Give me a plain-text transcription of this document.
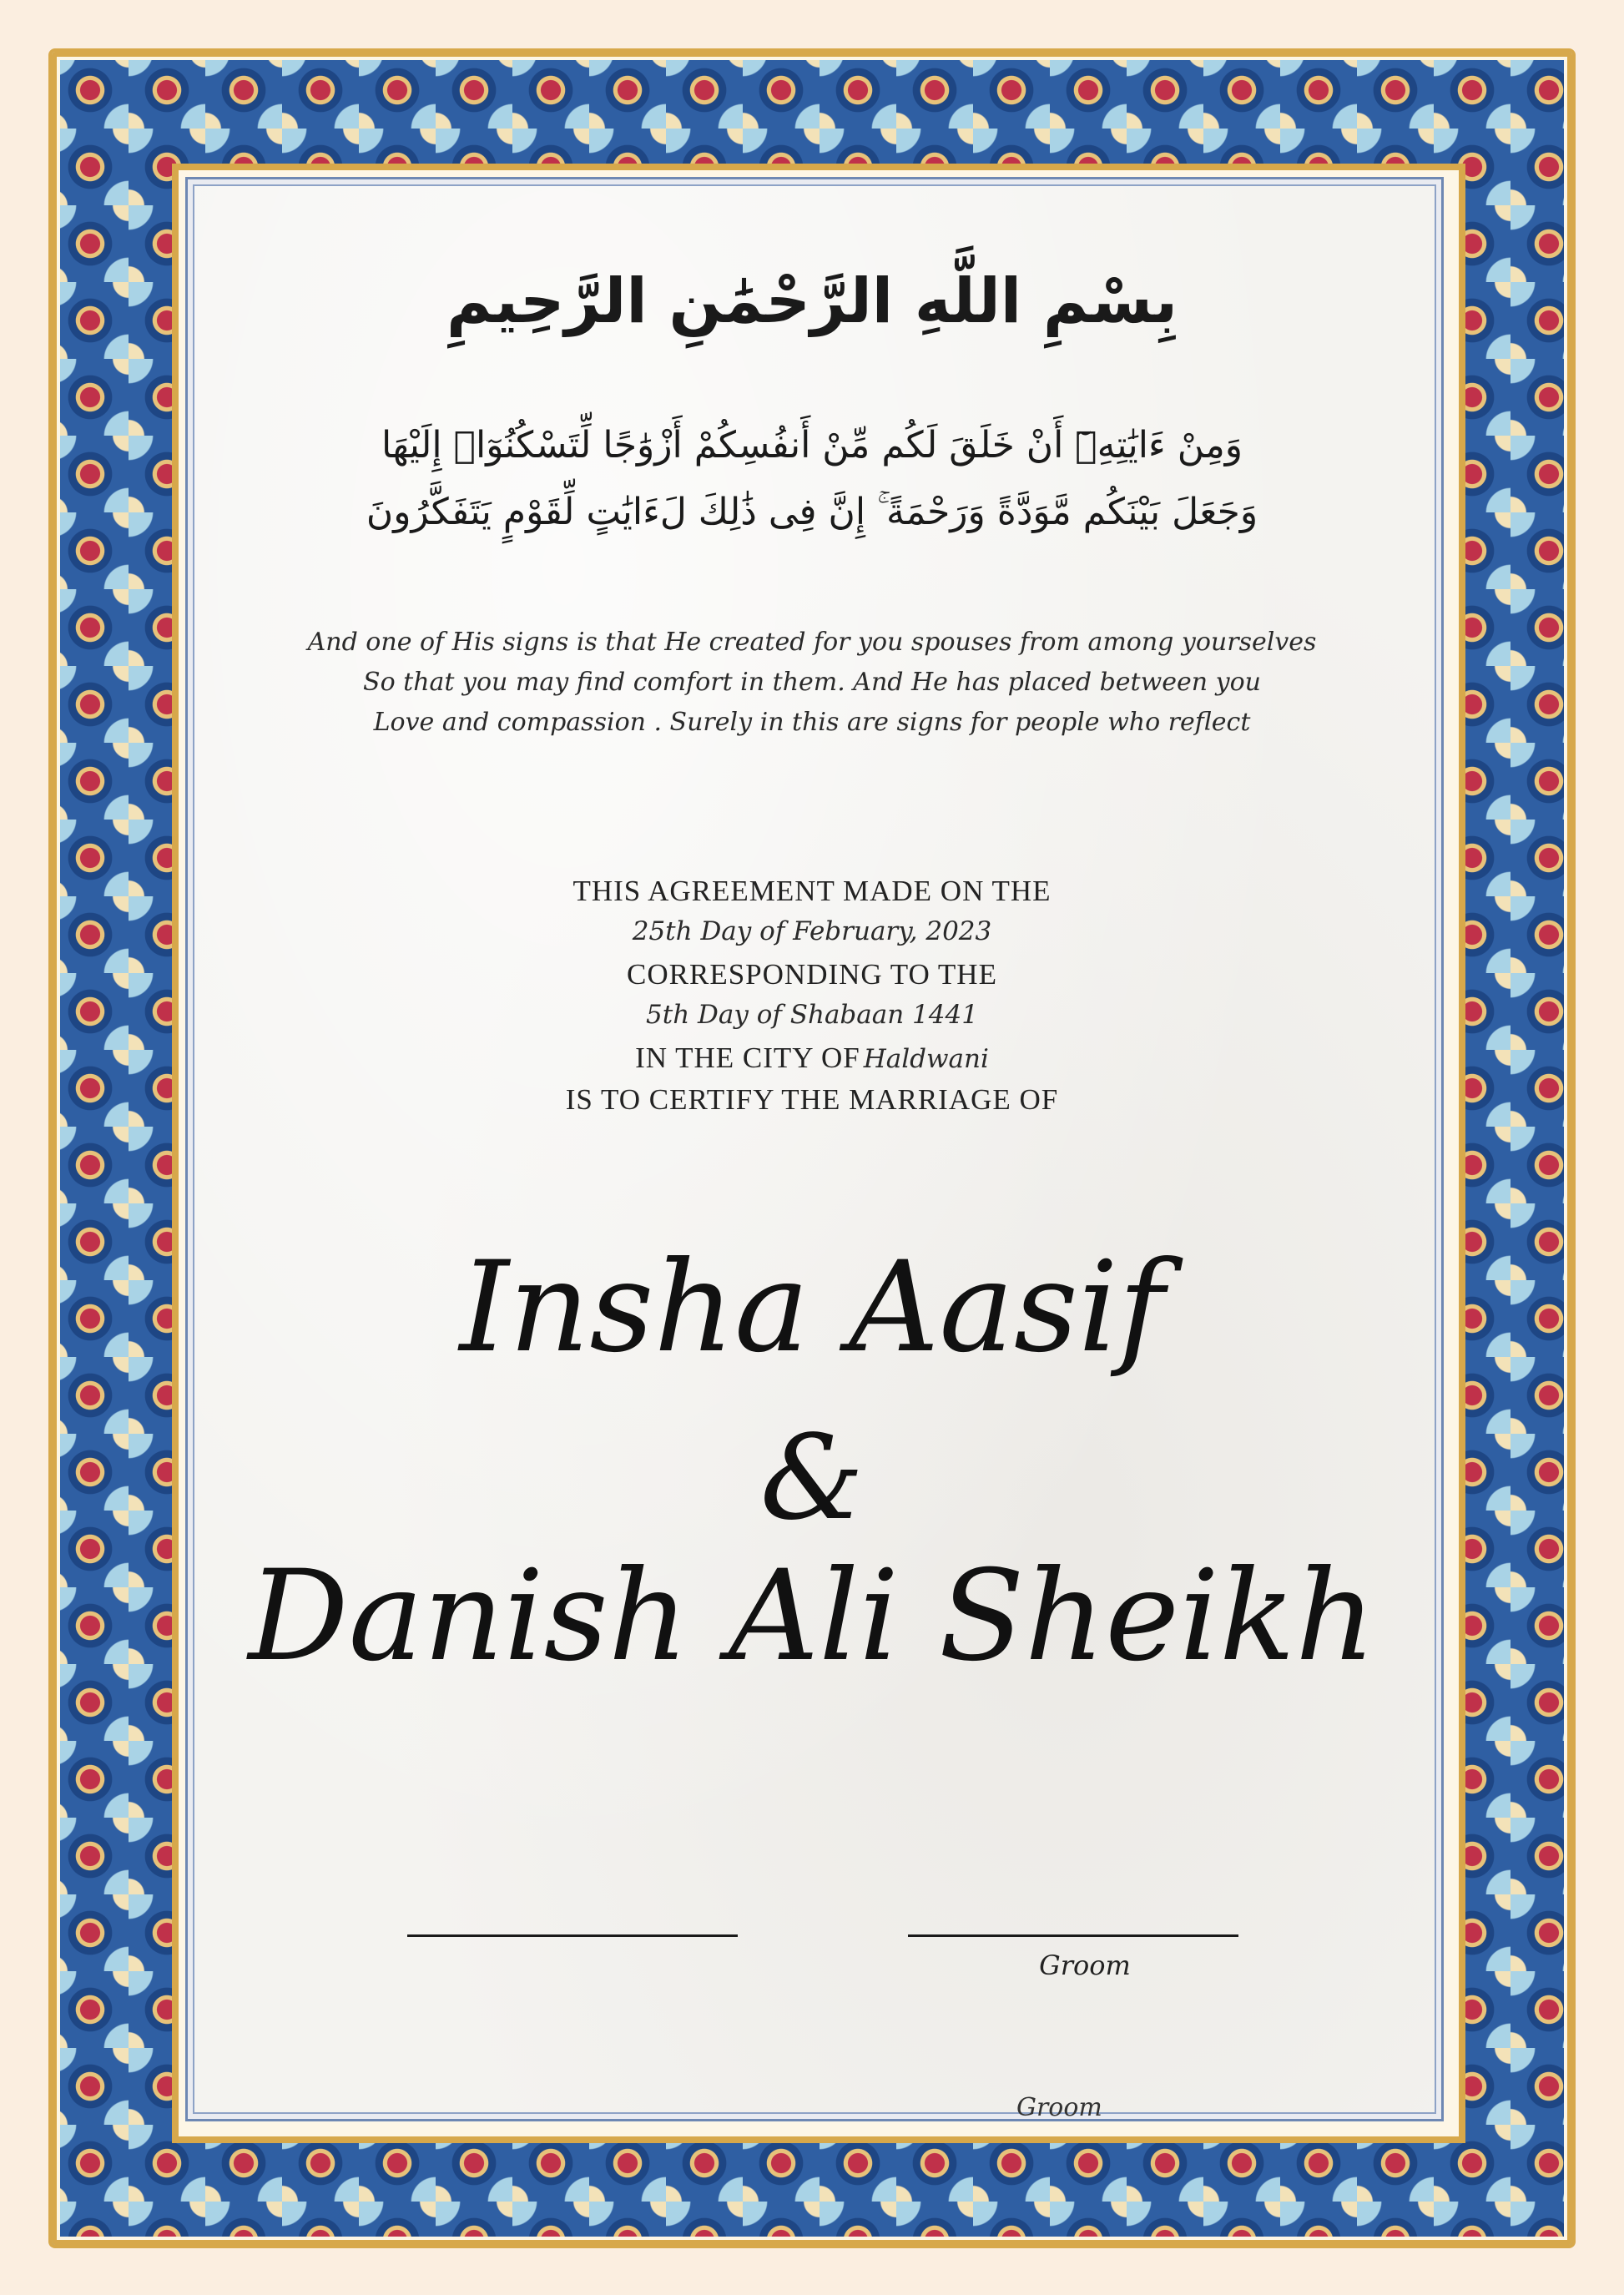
بِسْمِ اللَّهِ الرَّحْمَٰنِ الرَّحِيمِ
وَمِنْ ءَايَٰتِهِۦٓ أَنْ خَلَقَ لَكُم مِّنْ أَنفُسِكُمْ أَزْوَٰجًا لِّتَسْكُنُوٓا۟ إِلَيْهَا
وَجَعَلَ بَيْنَكُم مَّوَدَّةً وَرَحْمَةً ۚ إِنَّ فِى ذَٰلِكَ لَءَايَٰتٍ لِّقَوْمٍ يَتَفَكَّرُونَ
And one of His signs is that He created for you spouses from among yourselves
So that you may find comfort in them. And He has placed between you
Love and compassion . Surely in this are signs for people who reflect
THIS AGREEMENT MADE ON THE
25th Day of February, 2023
CORRESPONDING TO THE
5th Day of Shabaan 1441
IN THE CITY OF Haldwani
IS TO CERTIFY THE MARRIAGE OF
Insha Aasif
&
Danish Ali Sheikh
Groom
Groom
